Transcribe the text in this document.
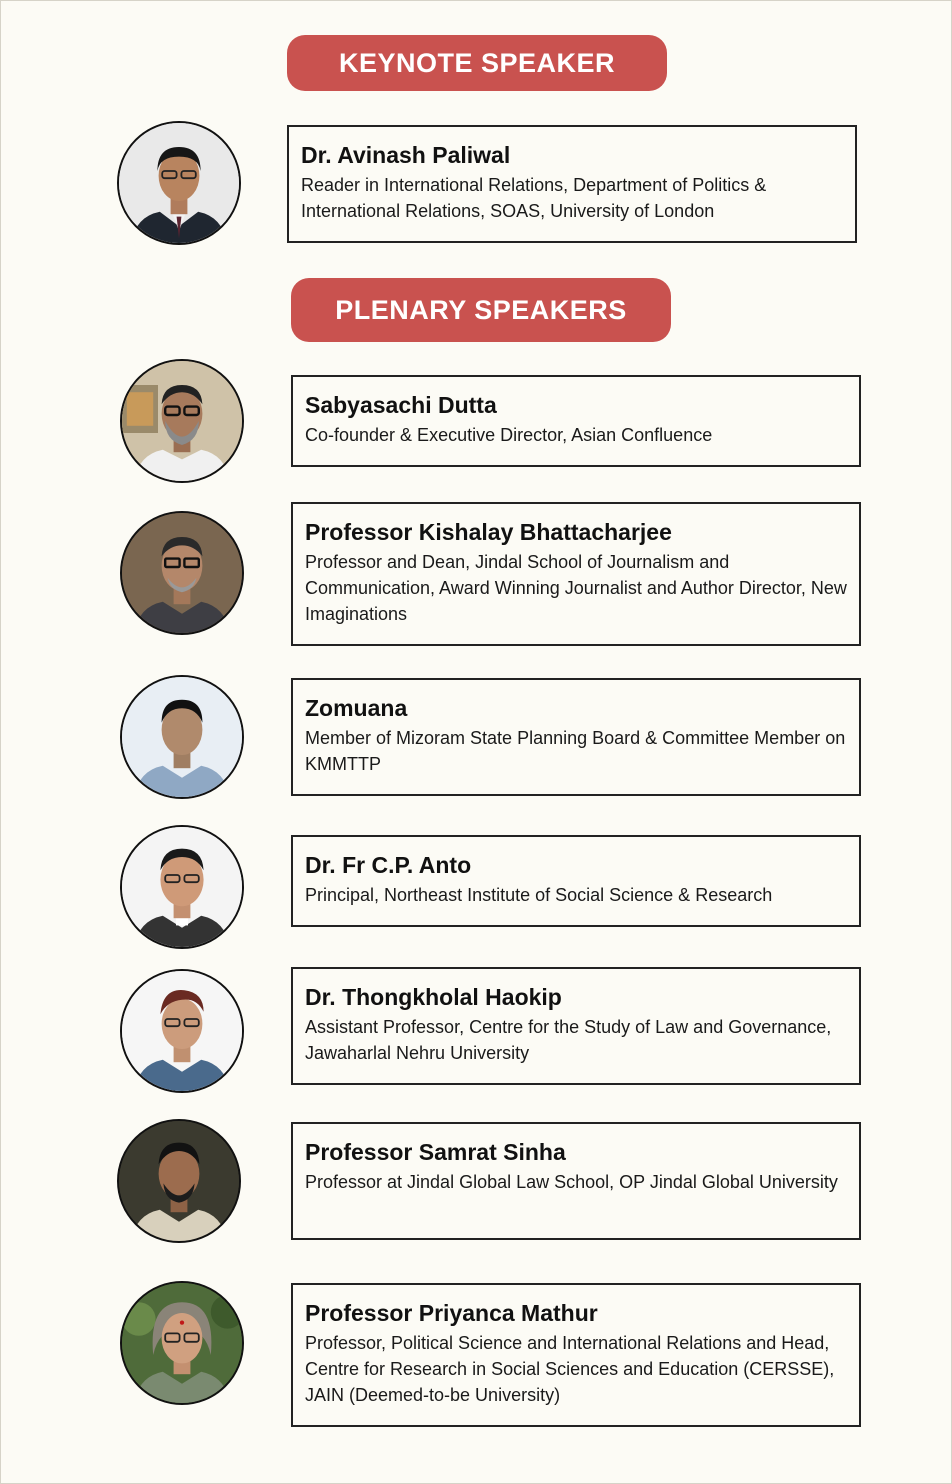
KEYNOTE SPEAKER
Dr. Avinash Paliwal
Reader in International Relations, Department of Politics & International Relations, SOAS, University of London
PLENARY SPEAKERS
Sabyasachi Dutta
Co-founder & Executive Director, Asian Confluence
Professor Kishalay Bhattacharjee
Professor and Dean, Jindal School of Journalism and Communication, Award Winning Journalist and Author Director, New Imaginations
Zomuana
Member of Mizoram State Planning Board & Committee Member on KMMTTP
Dr. Fr C.P. Anto
Principal, Northeast Institute of Social Science & Research
Dr. Thongkholal Haokip
Assistant Professor, Centre for the Study of Law and Governance, Jawaharlal Nehru University
Professor Samrat Sinha
Professor at Jindal Global Law School, OP Jindal Global University
Professor Priyanca Mathur
Professor, Political Science and International Relations and Head, Centre for Research in Social Sciences and Education (CERSSE), JAIN (Deemed-to-be University)
